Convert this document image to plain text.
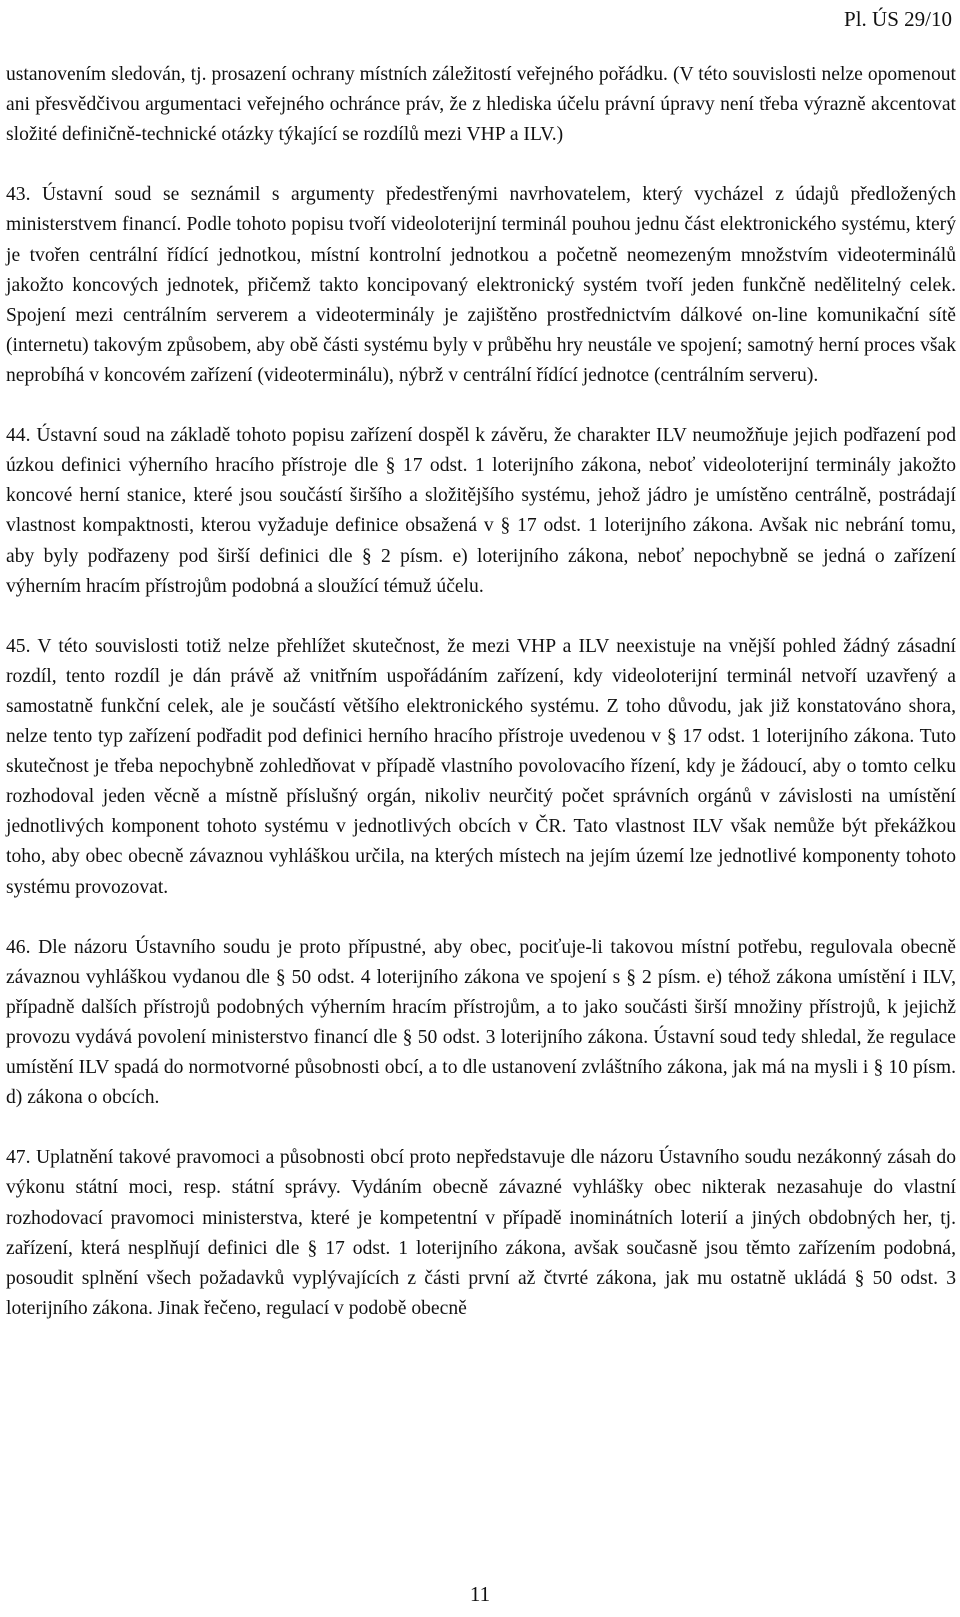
Pl. ÚS 29/10

ustanovením sledován, tj. prosazení ochrany místních záležitostí veřejného pořádku. (V této souvislosti nelze opomenout ani přesvědčivou argumentaci veřejného ochránce práv, že z hlediska účelu právní úpravy není třeba výrazně akcentovat složité definičně-technické otázky týkající se rozdílů mezi VHP a ILV.)

43. Ústavní soud se seznámil s argumenty předestřenými navrhovatelem, který vycházel z údajů předložených ministerstvem financí. Podle tohoto popisu tvoří videoloterijní terminál pouhou jednu část elektronického systému, který je tvořen centrální řídící jednotkou, místní kontrolní jednotkou a početně neomezeným množstvím videoterminálů jakožto koncových jednotek, přičemž takto koncipovaný elektronický systém tvoří jeden funkčně nedělitelný celek. Spojení mezi centrálním serverem a videoterminály je zajištěno prostřednictvím dálkové on-line komunikační sítě (internetu) takovým způsobem, aby obě části systému byly v průběhu hry neustále ve spojení; samotný herní proces však neprobíhá v koncovém zařízení (videoterminálu), nýbrž v centrální řídící jednotce (centrálním serveru).

44. Ústavní soud na základě tohoto popisu zařízení dospěl k závěru, že charakter ILV neumožňuje jejich podřazení pod úzkou definici výherního hracího přístroje dle § 17 odst. 1 loterijního zákona, neboť videoloterijní terminály jakožto koncové herní stanice, které jsou součástí širšího a složitějšího systému, jehož jádro je umístěno centrálně, postrádají vlastnost kompaktnosti, kterou vyžaduje definice obsažená v § 17 odst. 1 loterijního zákona. Avšak nic nebrání tomu, aby byly podřazeny pod širší definici dle § 2 písm. e) loterijního zákona, neboť nepochybně se jedná o zařízení výherním hracím přístrojům podobná a sloužící témuž účelu.

45. V této souvislosti totiž nelze přehlížet skutečnost, že mezi VHP a ILV neexistuje na vnější pohled žádný zásadní rozdíl, tento rozdíl je dán právě až vnitřním uspořádáním zařízení, kdy videoloterijní terminál netvoří uzavřený a samostatně funkční celek, ale je součástí většího elektronického systému. Z toho důvodu, jak již konstatováno shora, nelze tento typ zařízení podřadit pod definici herního hracího přístroje uvedenou v § 17 odst. 1 loterijního zákona. Tuto skutečnost je třeba nepochybně zohledňovat v případě vlastního povolovacího řízení, kdy je žádoucí, aby o tomto celku rozhodoval jeden věcně a místně příslušný orgán, nikoliv neurčitý počet správních orgánů v závislosti na umístění jednotlivých komponent tohoto systému v jednotlivých obcích v ČR. Tato vlastnost ILV však nemůže být překážkou toho, aby obec obecně závaznou vyhláškou určila, na kterých místech na jejím území lze jednotlivé komponenty tohoto systému provozovat.

46. Dle názoru Ústavního soudu je proto přípustné, aby obec, pociťuje-li takovou místní potřebu, regulovala obecně závaznou vyhláškou vydanou dle § 50 odst. 4 loterijního zákona ve spojení s § 2 písm. e) téhož zákona umístění i ILV, případně dalších přístrojů podobných výherním hracím přístrojům, a to jako součásti širší množiny přístrojů, k jejichž provozu vydává povolení ministerstvo financí dle § 50 odst. 3 loterijního zákona. Ústavní soud tedy shledal, že regulace umístění ILV spadá do normotvorné působnosti obcí, a to dle ustanovení zvláštního zákona, jak má na mysli i § 10 písm. d) zákona o obcích.

47. Uplatnění takové pravomoci a působnosti obcí proto nepředstavuje dle názoru Ústavního soudu nezákonný zásah do výkonu státní moci, resp. státní správy. Vydáním obecně závazné vyhlášky obec nikterak nezasahuje do vlastní rozhodovací pravomoci ministerstva, které je kompetentní v případě inominátních loterií a jiných obdobných her, tj. zařízení, která nesplňují definici dle § 17 odst. 1 loterijního zákona, avšak současně jsou těmto zařízením podobná, posoudit splnění všech požadavků vyplývajících z části první až čtvrté zákona, jak mu ostatně ukládá § 50 odst. 3 loterijního zákona. Jinak řečeno, regulací v podobě obecně

11
